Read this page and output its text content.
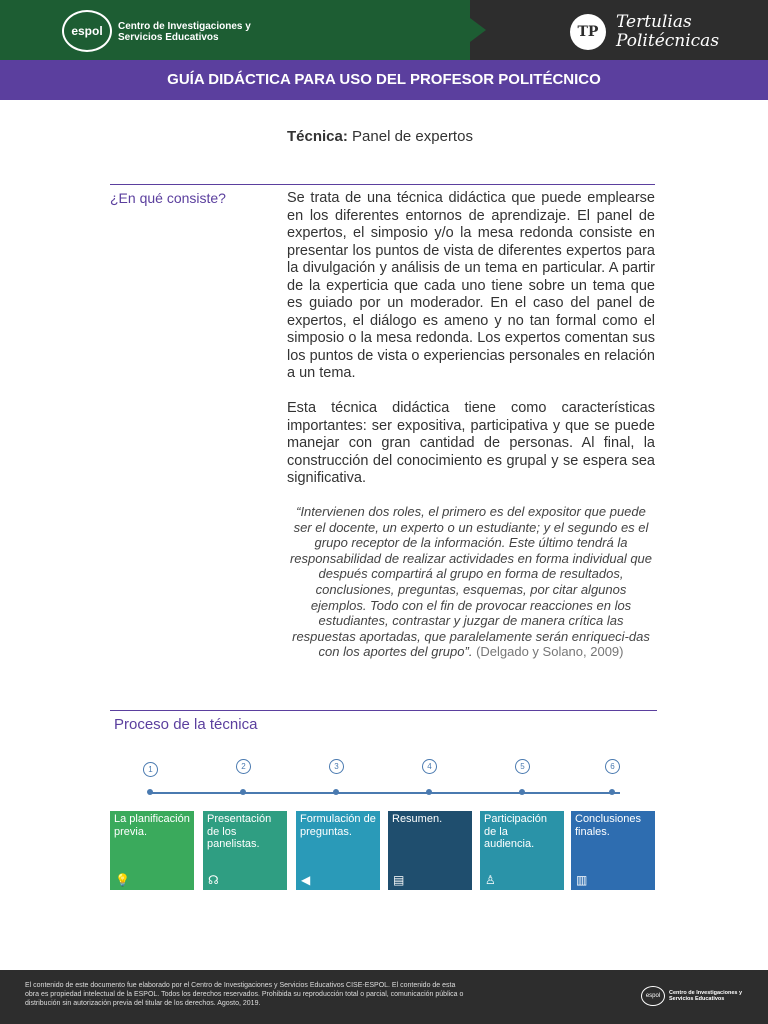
espol	Centro de Investigaciones y Servicios Educativos	TP	Tertulias
Politécnicas
GUÍA DIDÁCTICA PARA USO DEL PROFESOR POLITÉCNICO
Técnica: Panel de expertos
¿En qué consiste?	Se trata de una técnica didáctica que puede emplearse en los diferentes entornos de aprendizaje. El panel de expertos, el simposio y/o la mesa redonda consiste en presentar los puntos de vista de diferentes expertos para la divulgación y análisis de un tema en particular. A partir de la experticia que cada uno tiene sobre un tema que es guiado por un moderador. En el caso del panel de expertos, el diálogo es ameno y no tan formal como el simposio o la mesa redonda. Los expertos comentan sus los puntos de vista o experiencias personales en relación a un tema.
Esta técnica didáctica tiene como características importantes: ser expositiva, participativa y que se puede manejar con gran cantidad de personas. Al final, la construcción del conocimiento es grupal y se espera sea significativa.
“Intervienen dos roles, el primero es del expositor que puede ser el docente, un experto o un estudiante; y el segundo es el grupo receptor de la información. Este último tendrá la responsabilidad de realizar actividades en forma individual que después compartirá al grupo en forma de resultados, conclusiones, preguntas, esquemas, por citar algunos ejemplos. Todo con el fin de provocar reacciones en los estudiantes, contrastar y juzgar de manera crítica las respuestas aportadas, que paralelamente serán enriqueci-das con los aportes del grupo”. (Delgado y Solano, 2009)
Proceso de la técnica
1
La planificación previa.
💡
2
Presentación de los panelistas.
☊
3
Formulación de preguntas.
◀
4
Resumen.
▤
5
Participación de la audiencia.
♙
6
Conclusiones finales.
▥
El contenido de este documento fue elaborado por el Centro de Investigaciones y Servicios Educativos CISE-ESPOL. El contenido de esta obra es propiedad intelectual de la ESPOL. Todos los derechos reservados. Prohibida su reproducción total o parcial, comunicación pública o distribución sin autorización previa del titular de los derechos. Agosto, 2019.
espol	Centro de Investigaciones y Servicios Educativos
